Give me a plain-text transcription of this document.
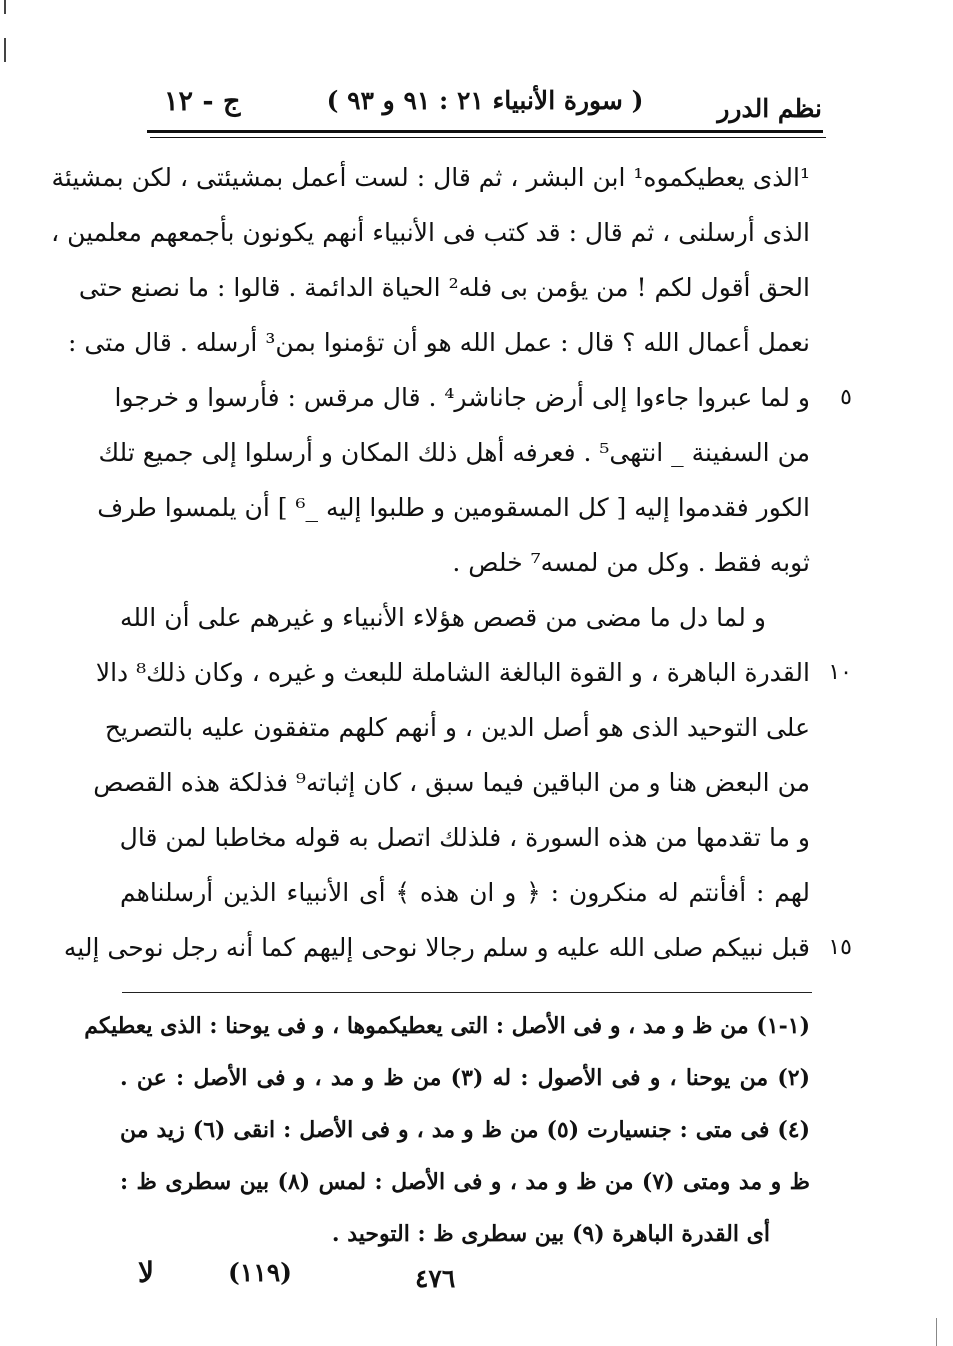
نظم الدرر
( سورة الأنبياء ٢١ : ٩١ و ٩٣ )
ج - ١٢
¹الذى يعطيكموه¹ ابن البشر ، ثم قال : لست أعمل بمشيئتى ، لكن بمشيئة
الذى أرسلنى ، ثم قال : قد كتب فى الأنبياء أنهم يكونون بأجمعهم معلمين ،
الحق أقول لكم ! من يؤمن بى فله² الحياة الدائمة . قالوا : ما نصنع حتى
نعمل أعمال الله ؟ قال : عمل الله هو أن تؤمنوا بمن³ أرسله . قال متى :
٥
و لما عبروا جاءوا إلى أرض جاناشر⁴ . قال مرقس : فأرسوا و خرجوا
من السفينة _ انتهى⁵ . فعرفه أهل ذلك المكان و أرسلوا إلى جميع تلك
الكور فقدموا إليه [ كل المسقومين و طلبوا إليه _⁶ ] أن يلمسوا طرف
ثوبه فقط . وكل من لمسه⁷ خلص .
و لما دل ما مضى من قصص هؤلاء الأنبياء و غيرهم على أن الله
١٠
القدرة الباهرة ، و القوة البالغة الشاملة للبعث و غيره ، وكان ذلك⁸ دالا
على التوحيد الذى هو أصل الدين ، و أنهم كلهم متفقون عليه بالتصريح
من البعض هنا و من الباقين فيما سبق ، كان إثباته⁹ فذلكة هذه القصص
و ما تقدمها من هذه السورة ، فلذلك اتصل به قوله مخاطبا لمن قال
لهم : أفأنتم له منكرون : ﴿ و ان هذه ﴾ أى الأنبياء الذين أرسلناهم
١٥
قبل نبيكم صلى الله عليه و سلم رجالا نوحى إليهم كما أنه رجل نوحى إليه
(١-١) من ظ و مد ، و فى الأصل : التى يعطيكموها ، و فى يوحنا : الذى يعطيكم
(٢) من يوحنا ، و فى الأصول : له (٣) من ظ و مد ، و فى الأصل : عن .
(٤) فى متى : جنسيارت (٥) من ظ و مد ، و فى الأصل : انقى (٦) زيد من
ظ و مد ومتى (٧) من ظ و مد ، و فى الأصل : لمس (٨) بين سطرى ظ :
أى القدرة الباهرة (٩) بين سطرى ظ : التوحيد .
لا	(١١٩)	٤٧٦
